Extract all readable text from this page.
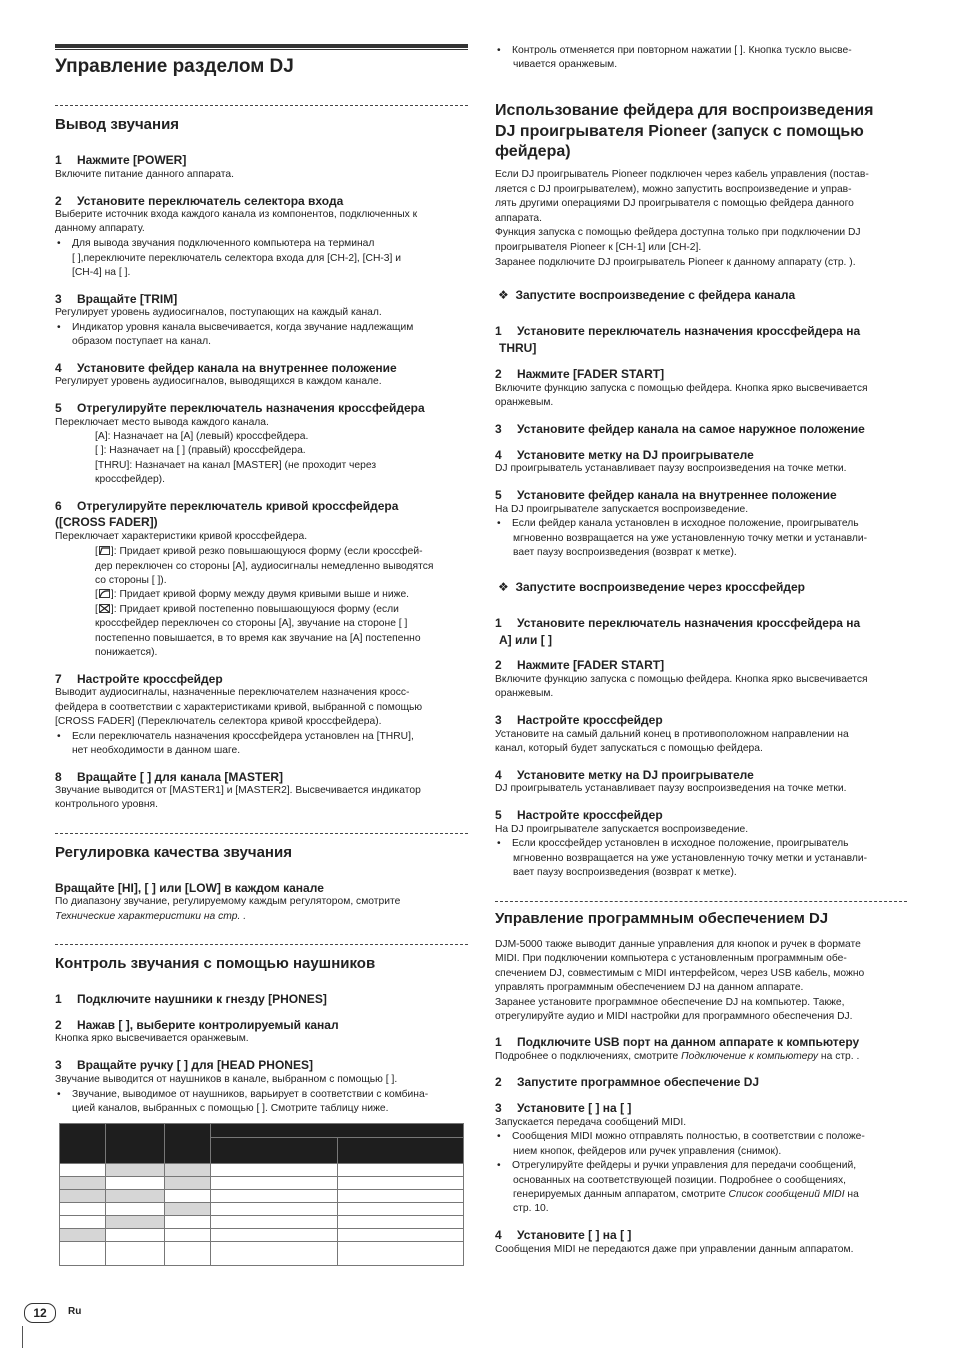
Управление разделом DJ
Вывод звучания
1 Нажмите [POWER]
Включите питание данного аппарата.
2 Установите переключатель селектора входа
Выберите источник входа каждого канала из компонентов, подключенных к
данному аппарату.
• Для вывода звучания подключенного компьютера на терминал
[ ],переключите переключатель селектора входа для [CH-2], [CH-3] и
[CH-4] на [ ].
3 Вращайте [TRIM]
Регулирует уровень аудиосигналов, поступающих на каждый канал.
• Индикатор уровня канала высвечивается, когда звучание надлежащим
образом поступает на канал.
4 Установите фейдер канала на внутреннее положение
Регулирует уровень аудиосигналов, выводящихся в каждом канале.
5 Отрегулируйте переключатель назначения кроссфейдера
Переключает место вывода каждого канала.
[A]: Назначает на [A] (левый) кроссфейдера.
[ ]: Назначает на [ ] (правый) кроссфейдера.
[THRU]: Назначает на канал [MASTER] (не проходит через
кроссфейдер).
6 Отрегулируйте переключатель кривой кроссфейдера
([CROSS FADER])
Переключает характеристики кривой кроссфейдера.
[ ]: Придает кривой резко повышающуюся форму (если кроссфей-
дер переключен со стороны [A], аудиосигналы немедленно выводятся
со стороны [ ]).
[ ]: Придает кривой форму между двумя кривыми выше и ниже.
[ ]: Придает кривой постепенно повышающуюся форму (если
кроссфейдер переключен со стороны [A], звучание на стороне [ ]
постепенно повышается, в то время как звучание на [A] постепенно
понижается).
7 Настройте кроссфейдер
Выводит аудиосигналы, назначенные переключателем назначения кросс-
фейдера в соответствии с характеристиками кривой, выбранной с помощью
[CROSS FADER] (Переключатель селектора кривой кроссфейдера).
• Если переключатель назначения кроссфейдера установлен на [THRU],
нет необходимости в данном шаге.
8 Вращайте [ ] для канала [MASTER]
Звучание выводится от [MASTER1] и [MASTER2]. Высвечивается индикатор
контрольного уровня.
Регулировка качества звучания
Вращайте [HI], [ ] или [LOW] в каждом канале
По диапазону звучание, регулируемому каждым регулятором, смотрите
Технические характеристики на стр. .
Контроль звучания с помощью наушников
1 Подключите наушники к гнезду [PHONES]
2 Нажав [ ], выберите контролируемый канал
Кнопка ярко высвечивается оранжевым.
3 Вращайте ручку [ ] для [HEAD PHONES]
Звучание выводится от наушников в канале, выбранном с помощью [ ].
• Звучание, выводимое от наушников, варьирует в соответствии с комбина-
цией каналов, выбранных с помощью [ ]. Смотрите таблицу ниже.

• Контроль отменяется при повторном нажатии [ ]. Кнопка тускло высве-
чивается оранжевым.
Использование фейдера для воспроизведения
DJ проигрывателя Pioneer (запуск с помощью
фейдера)
Если DJ проигрыватель Pioneer подключен через кабель управления (постав-
ляется с DJ проигрывателем), можно запустить воспроизведение и управ-
лять другими операциями DJ проигрывателя с помощью фейдера данного
аппарата.
Функция запуска с помощью фейдера доступна только при подключении DJ
проигрывателя Pioneer к [CH-1] или [CH-2].
Заранее подключите DJ проигрыватель Pioneer к данному аппарату (стр. ).
❖ Запустите воспроизведение с фейдера канала
1 Установите переключатель назначения кроссфейдера на
THRU]
2 Нажмите [FADER START]
Включите функцию запуска с помощью фейдера. Кнопка ярко высвечивается
оранжевым.
3 Установите фейдер канала на самое наружное положение
4 Установите метку на DJ проигрывателе
DJ проигрыватель устанавливает паузу воспроизведения на точке метки.
5 Установите фейдер канала на внутреннее положение
На DJ проигрывателе запускается воспроизведение.
• Если фейдер канала установлен в исходное положение, проигрыватель
мгновенно возвращается на уже установленную точку метки и устанавли-
вает паузу воспроизведения (возврат к метке).
❖ Запустите воспроизведение через кроссфейдер
1 Установите переключатель назначения кроссфейдера на
A] или [ ]
2 Нажмите [FADER START]
Включите функцию запуска с помощью фейдера. Кнопка ярко высвечивается
оранжевым.
3 Настройте кроссфейдер
Установите на самый дальний конец в противоположном направлении на
канал, который будет запускаться с помощью фейдера.
4 Установите метку на DJ проигрывателе
DJ проигрыватель устанавливает паузу воспроизведения на точке метки.
5 Настройте кроссфейдер
На DJ проигрывателе запускается воспроизведение.
• Если кроссфейдер установлен в исходное положение, проигрыватель
мгновенно возвращается на уже установленную точку метки и устанавли-
вает паузу воспроизведения (возврат к метке).
Управление программным обеспечением DJ
DJM-5000 также выводит данные управления для кнопок и ручек в формате
MIDI. При подключении компьютера с установленным программным обе-
спечением DJ, совместимым с MIDI интерфейсом, через USB кабель, можно
управлять программным обеспечением DJ на данном аппарате.
Заранее установите программное обеспечение DJ на компьютер. Также,
отрегулируйте аудио и MIDI настройки для программного обеспечения DJ.
1 Подключите USB порт на данном аппарате к компьютеру
Подробнее о подключениях, смотрите Подключение к компьютеру на стр. .
2 Запустите программное обеспечение DJ
3 Установите [ ] на [ ]
Запускается передача сообщений MIDI.
• Сообщения MIDI можно отправлять полностью, в соответствии с положе-
нием кнопок, фейдеров или ручек управления (снимок).
• Отрегулируйте фейдеры и ручки управления для передачи сообщений,
основанных на соответствующей позиции. Подробнее о сообщениях,
генерируемых данным аппаратом, смотрите Список сообщений MIDI на
стр. 10.
4 Установите [ ] на [ ]
Сообщения MIDI не передаются даже при управлении данным аппаратом.
12	Ru
